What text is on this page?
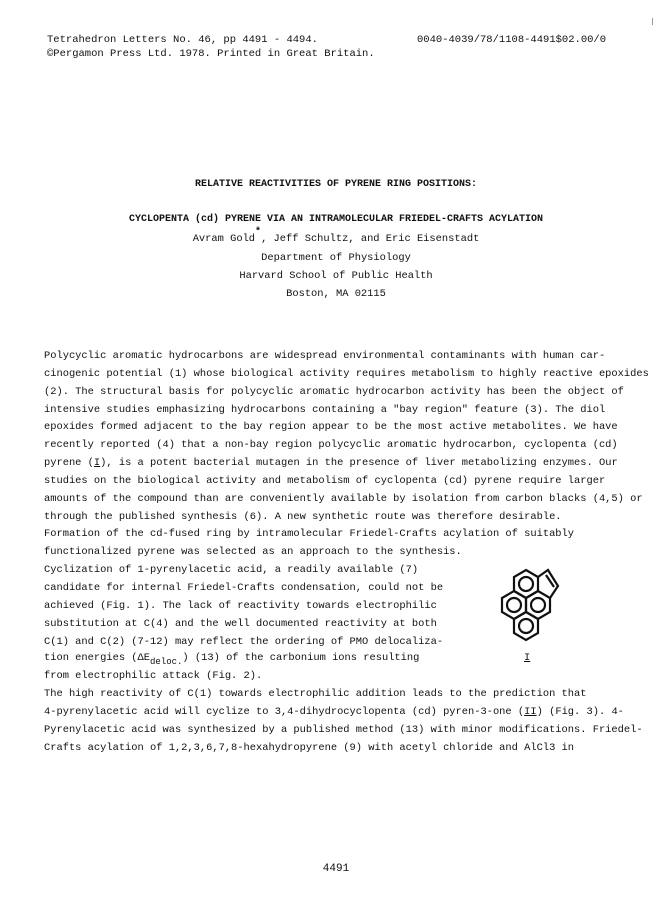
Tetrahedron Letters No. 46, pp 4491 - 4494.
©Pergamon Press Ltd. 1978. Printed in Great Britain.
0040-4039/78/1108-4491$02.00/0
RELATIVE REACTIVITIES OF PYRENE RING POSITIONS:
CYCLOPENTA (cd) PYRENE VIA AN INTRAMOLECULAR FRIEDEL-CRAFTS ACYLATION
Avram Gold*, Jeff Schultz, and Eric Eisenstadt
Department of Physiology
Harvard School of Public Health
Boston, MA 02115
Polycyclic aromatic hydrocarbons are widespread environmental contaminants with human car-
cinogenic potential (1) whose biological activity requires metabolism to highly reactive epoxides
(2). The structural basis for polycyclic aromatic hydrocarbon activity has been the object of
intensive studies emphasizing hydrocarbons containing a "bay region" feature (3). The diol
epoxides formed adjacent to the bay region appear to be the most active metabolites. We have
recently reported (4) that a non-bay region polycyclic aromatic hydrocarbon, cyclopenta (cd)
pyrene (I), is a potent bacterial mutagen in the presence of liver metabolizing enzymes. Our
studies on the biological activity and metabolism of cyclopenta (cd) pyrene require larger
amounts of the compound than are conveniently available by isolation from carbon blacks (4,5) or
through the published synthesis (6). A new synthetic route was therefore desirable.
Formation of the cd-fused ring by intramolecular Friedel-Crafts acylation of suitably
functionalized pyrene was selected as an approach to the synthesis.
Cyclization of 1-pyrenylacetic acid, a readily available (7)
candidate for internal Friedel-Crafts condensation, could not be
achieved (Fig. 1). The lack of reactivity towards electrophilic
substitution at C(4) and the well documented reactivity at both
C(1) and C(2) (7-12) may reflect the ordering of PMO delocaliza-
tion energies (ΔEdeloc.) (13) of the carbonium ions resulting
from electrophilic attack (Fig. 2).
I
The high reactivity of C(1) towards electrophilic addition leads to the prediction that
4-pyrenylacetic acid will cyclize to 3,4-dihydrocyclopenta (cd) pyren-3-one (II) (Fig. 3). 4-
Pyrenylacetic acid was synthesized by a published method (13) with minor modifications. Friedel-
Crafts acylation of 1,2,3,6,7,8-hexahydropyrene (9) with acetyl chloride and AlCl3 in
4491
